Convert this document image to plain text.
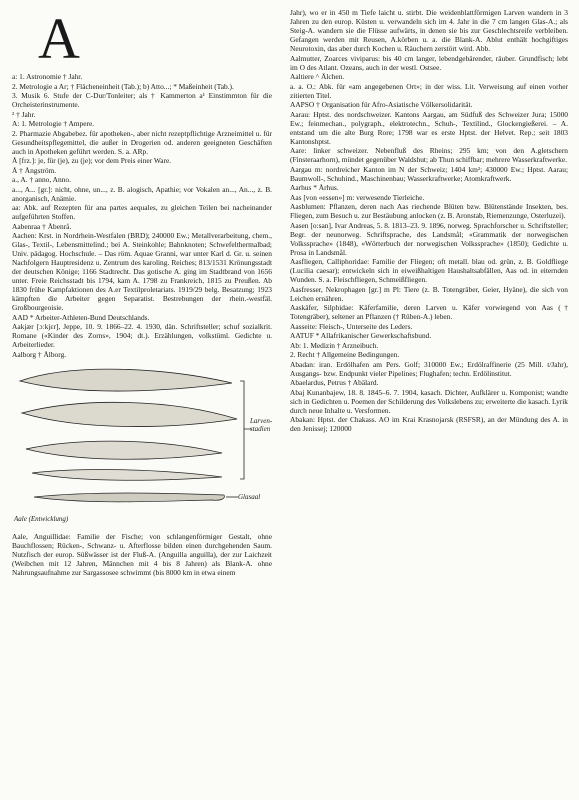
A
a: 1. Astronomie † Jahr.
2. Metrologie a Ar; † Flächeneinheit (Tab.); b) Atto...; * Maßeinheit (Tab.).
3. Musik 6. Stufe der C-Dur/Tonleiter; als † Kammerton a¹ Einstimmton für die Orcheisterinstrumente.
² † Jahr.
A: 1. Metrologie † Ampere.
2. Pharmazie Abgabebez. für apotheken-, aber nicht rezeptpflichtige Arzneimittel u. für Gesundheitspflegemittel, die außer in Drogerien od. anderen geeigneten Geschäften auch in Apotheken geführt werden. S. a. ARp.
Å [frz.]: je, für (je), zu (je); vor dem Preis einer Ware.
Å † Ångström.
a., A. † anno, Anno.
a..., A... [gr.]: nicht, ohne, un..., z. B. alogisch, Apathie; vor Vokalen an..., An..., z. B. anorganisch, Anämie.
aa: Abk. auf Rezepten für ana partes aequales, zu gleichen Teilen bei nacheinander aufgeführten Stoffen.
Aabenraa † Åbenrå.
Aachen: Krst. in Nordrhein-Westfalen (BRD); 240000 Ew.; Metallverarbeitung, chem., Glas-, Textil-, Lebensmittelind.; bei A. Steinkohle; Bahnknoten; Schwefelthermalbad; Univ. pädagog. Hochschule. – Das röm. Aquae Granni, war unter Karl d. Gr. u. seinen Nachfolgern Hauptresidenz u. Zentrum des karoling. Reiches; 813/1531 Krönungsstadt der deutschen Könige; 1166 Stadtrecht. Das gotische A. ging im Stadtbrand von 1656 unter. Freie Reichsstadt bis 1794, kam A. 1798 zu Frankreich, 1815 zu Preußen. Ab 1830 frühe Kampfaktionen des A.er Textilproletariats. 1919/29 belg. Besatzung; 1923 kämpften die Arbeiter gegen Separatist. Bestrebungen der rhein.-westfäl. Großbourgeoisie.
AAD * Arbeiter-Athleten-Bund Deutschlands.
Aakjær [ɔːkjɛr], Jeppe, 10. 9. 1866–22. 4. 1930, dän. Schriftsteller; schuf sozialkrit. Romane («Kinder des Zorns», 1904; dt.). Erzählungen, volkstüml. Gedichte u. Arbeiterlieder.
Aalborg † Ålborg.
Larven-stadien
Glasaal
Aale (Entwicklung)
Aale, Anguillidae: Familie der Fische; von schlangenförmiger Gestalt, ohne Bauchflossen; Rücken-, Schwanz- u. Afterflosse bilden einen durchgehenden Saum. Nutzfisch der europ. Süßwässer ist der Fluß-A. (Anguilla anguilla), der zur Laichzeit (Weibchen mit 12 Jahren, Männchen mit 4 bis 8 Jahren) als Blank-A. ohne Nahrungsaufnahme zur Sargassosee schwimmt (bis 8000 km in etwa einem
Jahr), wo er in 450 m Tiefe laicht u. stirbt. Die weidenblattförmigen Larven wandern in 3 Jahren zu den europ. Küsten u. verwandeln sich im 4. Jahr in die 7 cm langen Glas-A.; als Steig-A. wandern sie die Flüsse aufwärts, in denen sie bis zur Geschlechtsreife verbleiben. Gefangen werden mit Reusen, A.körben u. a. die Blank-A. Ablut enthält hochgiftiges Neurotoxin, das aber durch Kochen u. Räuchern zerstört wird. Abb.
Aalmutter, Zoarces viviparus: bis 40 cm langer, lebendgebärender, räuber. Grundfisch; lebt im O des Atlant. Ozeans, auch in der westl. Ostsee.
Aaltiere ^ Älchen.
a. a. O.: Abk. für «am angegebenen Ort»; in der wiss. Lit. Verweisung auf einen vorher zitierten Titel.
AAPSO † Organisation für Afro-Asiatische Völkersolidarität.
Aarau: Hptst. des nordschweizer. Kantons Aargau, am Südfuß des Schweizer Jura; 15000 Ew.; feinmechan., polygraph., elektrotechn., Schuh-, Textilind., Glockengießerei. – A. entstand um die alte Burg Rore; 1798 war es erste Hptst. der Helvet. Rep.; seit 1803 Kantonshptst.
Aare: linker schweizer. Nebenfluß des Rheins; 295 km; von den A.gletschern (Finsteraarhorn), mündet gegenüber Waldshut; ab Thun schiffbar; mehrere Wasserkraftwerke.
Aargau m: nordreicher Kanton im N der Schweiz; 1404 km²; 430000 Ew.; Hptst. Aarau; Baumwoll-, Schuhind., Maschinenbau; Wasserkraftwerke; Atomkraftwerk.
Aarhus * Århus.
Aas [von «essen»] m: verwesende Tierleiche.
Aasblumen: Pflanzen, deren nach Aas riechende Blüten bzw. Blütenstände Insekten, bes. Fliegen, zum Besuch u. zur Bestäubung anlocken (z. B. Aronstab, Riemenzunge, Osterluzei).
Aasen [o:san], Ivar Andreas, 5. 8. 1813–23. 9. 1896, norweg. Sprachforscher u. Schriftsteller; Begr. der neunorweg. Schriftsprache, des Landsmål; «Grammatik der norwegischen Volkssprache» (1848), «Wörterbuch der norwegischen Volkssprache» (1850); Gedichte u. Prosa in Landsmål.
Aasfliegen, Calliphoridae: Familie der Fliegen; oft metall. blau od. grün, z. B. Goldfliege (Lucilia caesar); entwickeln sich in eiweißhaltigen Haushaltsabfällen, Aas od. in eiternden Wunden. S. a. Fleischfliegen, Schmeißfliegen.
Aasfresser, Nekrophagen [gr.] m Pl: Tiere (z. B. Totengräber, Geier, Hyäne), die sich von Leichen ernähren.
Aaskäfer, Silphidae: Käferfamilie, deren Larven u. Käfer vorwiegend von Aas († Totengräber), seltener an Pflanzen († Rüben-A.) leben.
Aasseite: Fleisch-, Unterseite des Leders.
AATUF * Allafrikanischer Gewerkschaftsbund.
Ab: 1. Medizin † Arzneibuch.
2. Recht † Allgemeine Bedingungen.
Abadan: iran. Erdölhafen am Pers. Golf; 310000 Ew.; Erdölraffinerie (25 Mill. t/Jahr), Ausgangs- bzw. Endpunkt vieler Pipelines; Flughafen; techn. Erdölinstitut.
Abaelardus, Petrus † Abälard.
Abaj Kunanbajew, 18. 8. 1845–6. 7. 1904, kasach. Dichter, Aufklärer u. Komponist; wandte sich in Gedichten u. Poemen der Schilderung des Volkslebens zu; erweiterte die kasach. Lyrik durch neue Inhalte u. Versformen.
Abakan: Hptst. der Chakass. AO im Krai Krasnojarsk (RSFSR), an der Mündung des A. in den Jenissej; 120000
